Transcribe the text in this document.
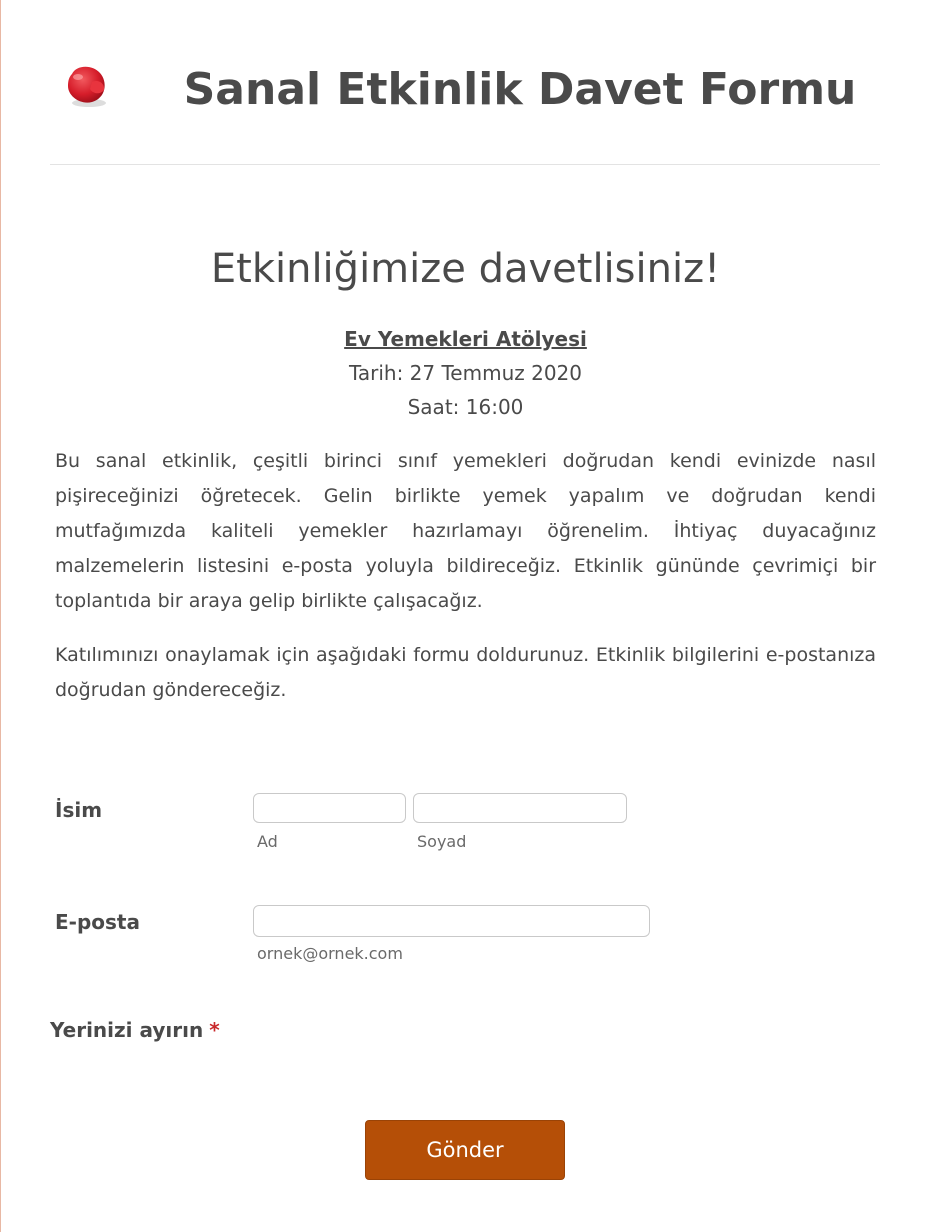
Sanal Etkinlik Davet Formu
Etkinliğimize davetlisiniz!
Ev Yemekleri Atölyesi
Tarih: 27 Temmuz 2020
Saat: 16:00

Bu sanal etkinlik, çeşitli birinci sınıf yemekleri doğrudan kendi evinizde nasıl pişireceğinizi öğretecek. Gelin birlikte yemek yapalım ve doğrudan kendi mutfağımızda kaliteli yemekler hazırlamayı öğrenelim. İhtiyaç duyacağınız malzemelerin listesini e-posta yoluyla bildireceğiz. Etkinlik gününde çevrimiçi bir toplantıda bir araya gelip birlikte çalışacağız.

Katılımınızı onaylamak için aşağıdaki formu doldurunuz. Etkinlik bilgilerini e-postanıza doğrudan göndereceğiz.

İsim
Ad	Soyad
E-posta
ornek@ornek.com
Yerinizi ayırın *
Gönder
